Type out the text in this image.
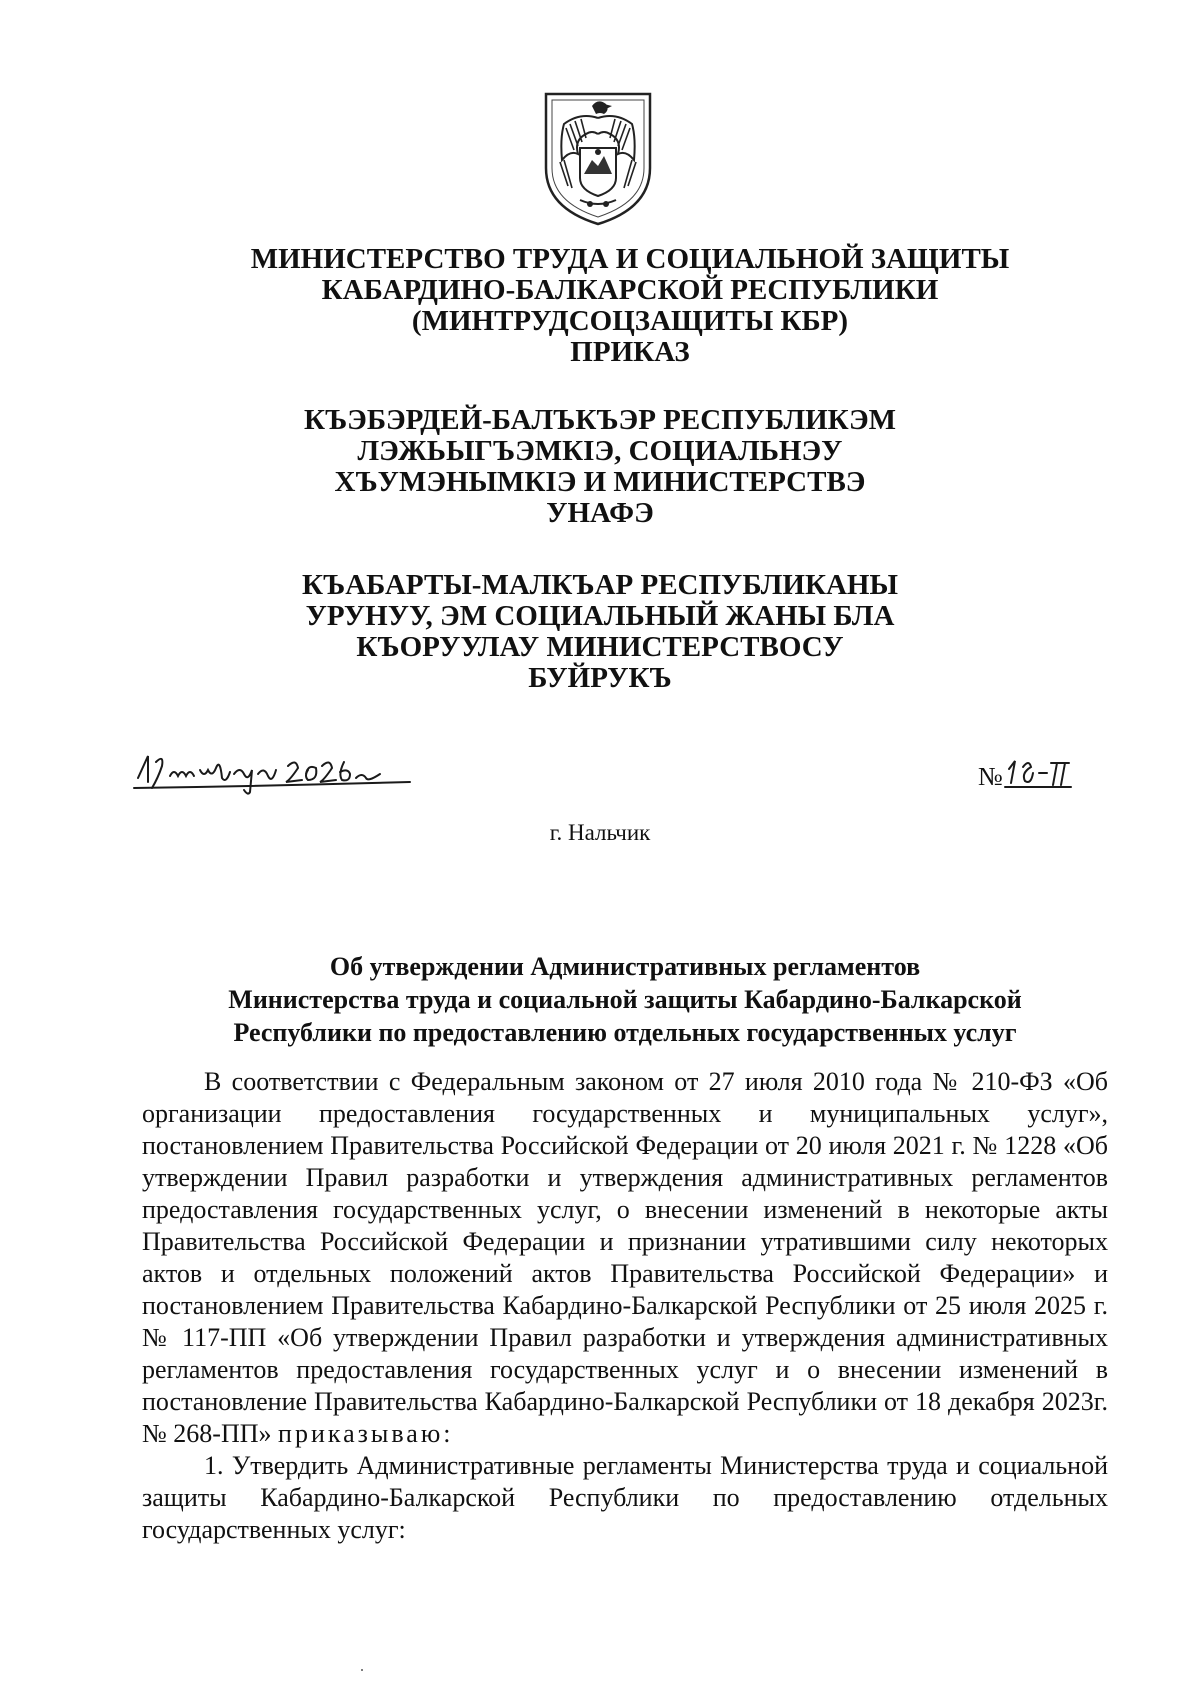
МИНИСТЕРСТВО ТРУДА И СОЦИАЛЬНОЙ ЗАЩИТЫ
КАБАРДИНО-БАЛКАРСКОЙ РЕСПУБЛИКИ
(МИНТРУДСОЦЗАЩИТЫ КБР)
ПРИКАЗ
КЪЭБЭРДЕЙ-БАЛЪКЪЭР РЕСПУБЛИКЭМ
ЛЭЖЬЫГЪЭМКIЭ, СОЦИАЛЬНЭУ
ХЪУМЭНЫМКIЭ И МИНИСТЕРСТВЭ
УНАФЭ
КЪАБАРТЫ-МАЛКЪАР РЕСПУБЛИКАНЫ
УРУНУУ, ЭМ СОЦИАЛЬНЫЙ ЖАНЫ БЛА
КЪОРУУЛАУ МИНИСТЕРСТВОСУ
БУЙРУКЪ
№
г. Нальчик
Об утверждении Административных регламентов
Министерства труда и социальной защиты Кабардино-Балкарской
Республики по предоставлению отдельных государственных услуг

В соответствии с Федеральным законом от 27 июля 2010 года № 210-ФЗ «Об организации предоставления государственных и муниципальных услуг», постановлением Правительства Российской Федерации от 20 июля 2021 г. № 1228 «Об утверждении Правил разработки и утверждения административных регламентов предоставления государственных услуг, о внесении изменений в некоторые акты Правительства Российской Федерации и признании утратившими силу некоторых актов и отдельных положений актов Правительства Российской Федерации» и постановлением Правительства Кабардино-Балкарской Республики от 25 июля 2025 г. № 117-ПП «Об утверждении Правил разработки и утверждения административных регламентов предоставления государственных услуг и о внесении изменений в постановление Правительства Кабардино-Балкарской Республики от 18 декабря 2023г. № 268-ПП» приказываю:

1. Утвердить Административные регламенты Министерства труда и социальной защиты Кабардино-Балкарской Республики по предоставлению отдельных государственных услуг:
